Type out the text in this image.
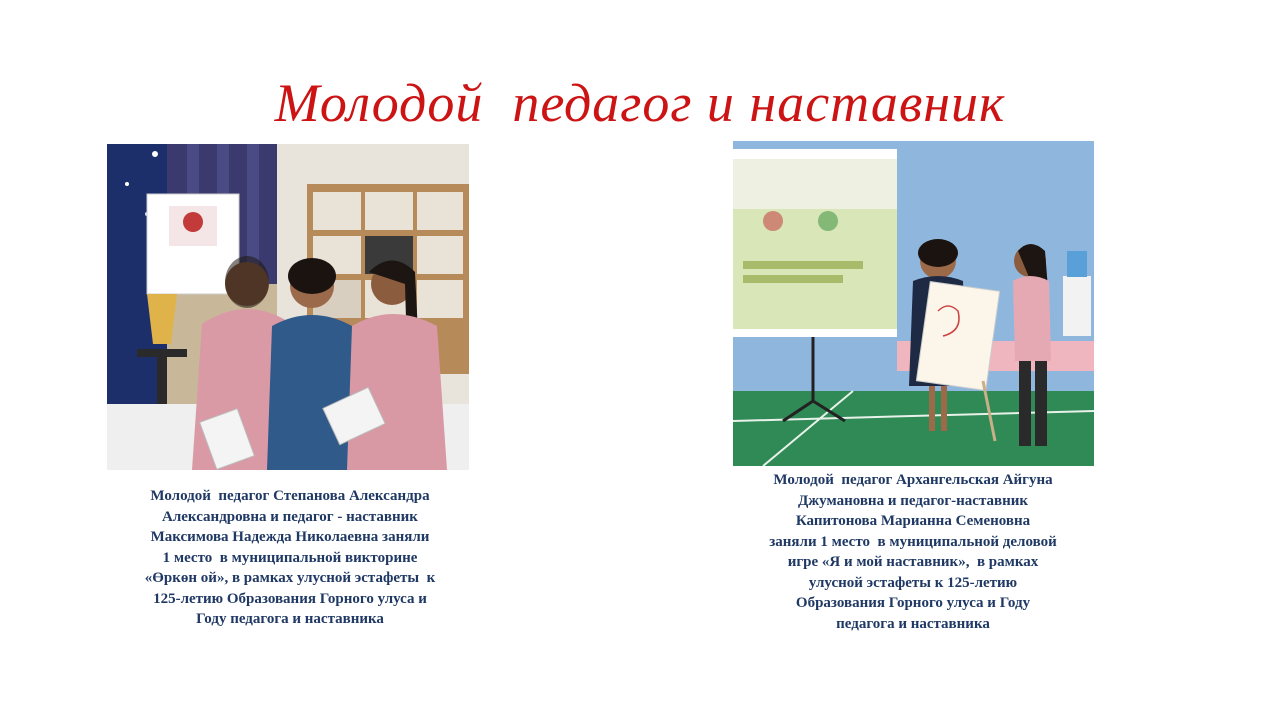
Молодой  педагог и наставник
Молодой  педагог Степанова Александра
Александровна и педагог - наставник
Максимова Надежда Николаевна заняли
1 место  в муниципальной викторине
«Өркөн ой», в рамках улусной эстафеты  к
125-летию Образования Горного улуса и
Году педагога и наставника
Молодой  педагог Архангельская Айгуна
Джумановна и педагог-наставник
Капитонова Марианна Семеновна
заняли 1 место  в муниципальной деловой
игре «Я и мой наставник»,  в рамках
улусной эстафеты к 125-летию
Образования Горного улуса и Году
педагога и наставника
